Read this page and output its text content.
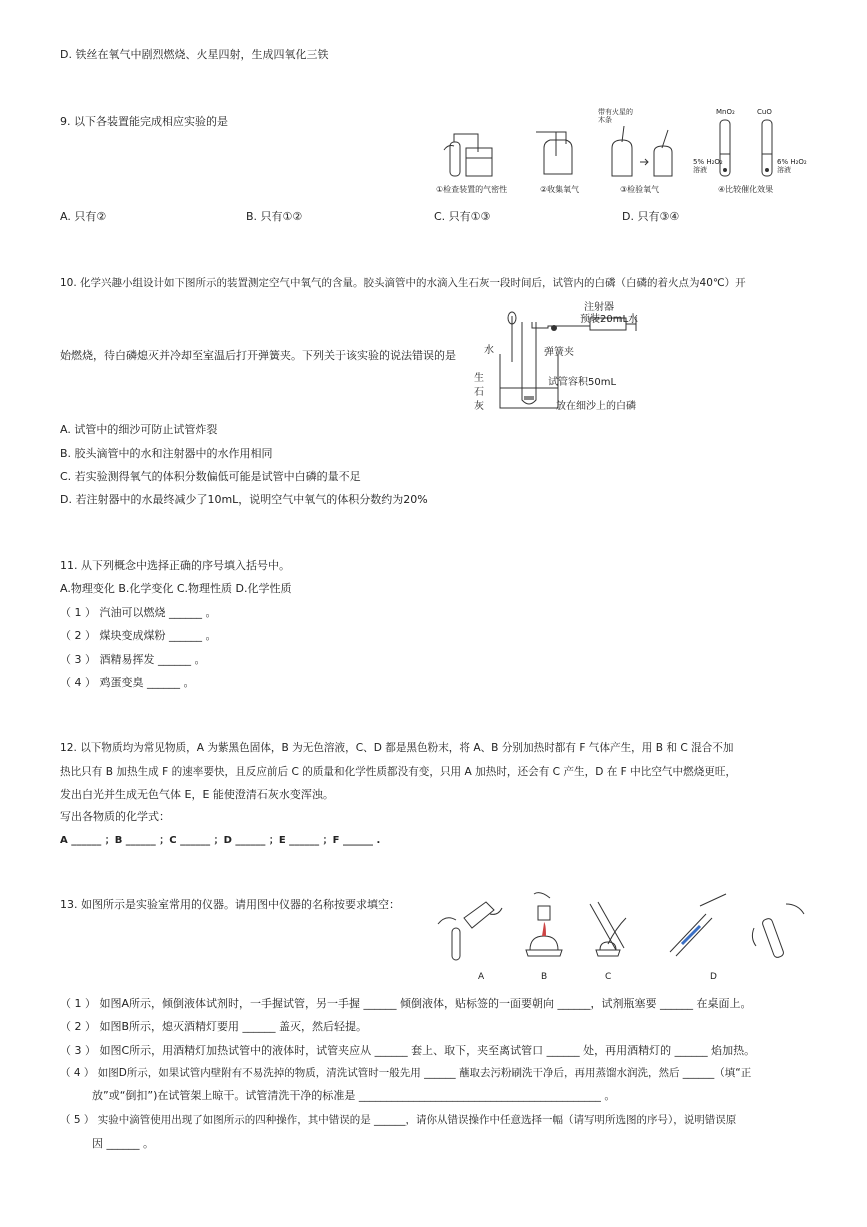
D. 铁丝在氧气中剧烈燃烧、火星四射，生成四氧化三铁
9. 以下各装置能完成相应实验的是
带有火星的木条
MnO₂	CuO
5% H₂O₂溶液
6% H₂O₂溶液
①检查装置的气密性	②收集氧气	③检验氧气	④比较催化效果
A. 只有②	B. 只有①②	C. 只有①③	D. 只有③④
10. 化学兴趣小组设计如下图所示的装置测定空气中氧气的含量。胶头滴管中的水滴入生石灰一段时间后，试管内的白磷（白磷的着火点为40℃）开
注射器
预装20mL水
水	弹簧夹
生
石
灰
试管容积50mL
放在细沙上的白磷
始燃烧，待白磷熄灭并冷却至室温后打开弹簧夹。下列关于该实验的说法错误的是
A. 试管中的细沙可防止试管炸裂
B. 胶头滴管中的水和注射器中的水作用相同
C. 若实验测得氧气的体积分数偏低可能是试管中白磷的量不足
D. 若注射器中的水最终减少了10mL，说明空气中氧气的体积分数约为20%
11. 从下列概念中选择正确的序号填入括号中。
A.物理变化 B.化学变化 C.物理性质 D.化学性质
（ 1 ） 汽油可以燃烧 ______ 。
（ 2 ） 煤块变成煤粉 ______ 。
（ 3 ） 酒精易挥发 ______ 。
（ 4 ） 鸡蛋变臭 ______ 。
12. 以下物质均为常见物质，A 为紫黑色固体，B 为无色溶液，C、D 都是黑色粉末，将 A、B 分别加热时都有 F 气体产生，用 B 和 C 混合不加
热比只有 B 加热生成 F 的速率要快，且反应前后 C 的质量和化学性质都没有变，只用 A 加热时，还会有 C 产生，D 在 F 中比空气中燃烧更旺，
发出白光并生成无色气体 E，E 能使澄清石灰水变浑浊。
写出各物质的化学式：
A ______ ；B ______ ；C ______ ；D ______ ；E ______ ；F ______ .
13. 如图所示是实验室常用的仪器。请用图中仪器的名称按要求填空：
A	B	C	D
（ 1 ） 如图A所示，倾倒液体试剂时，一手握试管，另一手握 ______ 倾倒液体，贴标签的一面要朝向 ______，试剂瓶塞要 ______ 在桌面上。
（ 2 ） 如图B所示，熄灭酒精灯要用 ______ 盖灭，然后轻提。
（ 3 ） 如图C所示，用酒精灯加热试管中的液体时，试管夹应从 ______ 套上、取下，夹至离试管口 ______ 处，再用酒精灯的 ______ 焰加热。
（ 4 ） 如图D所示，如果试管内壁附有不易洗掉的物质，清洗试管时一般先用 ______ 蘸取去污粉刷洗干净后，再用蒸馏水润洗，然后 ______（填“正
放”或“倒扣”)在试管架上晾干。试管清洗干净的标准是 ____________________________________________ 。
（ 5 ） 实验中滴管使用出现了如图所示的四种操作，其中错误的是 ______，请你从错误操作中任意选择一幅（请写明所选图的序号），说明错误原
因 ______ 。
